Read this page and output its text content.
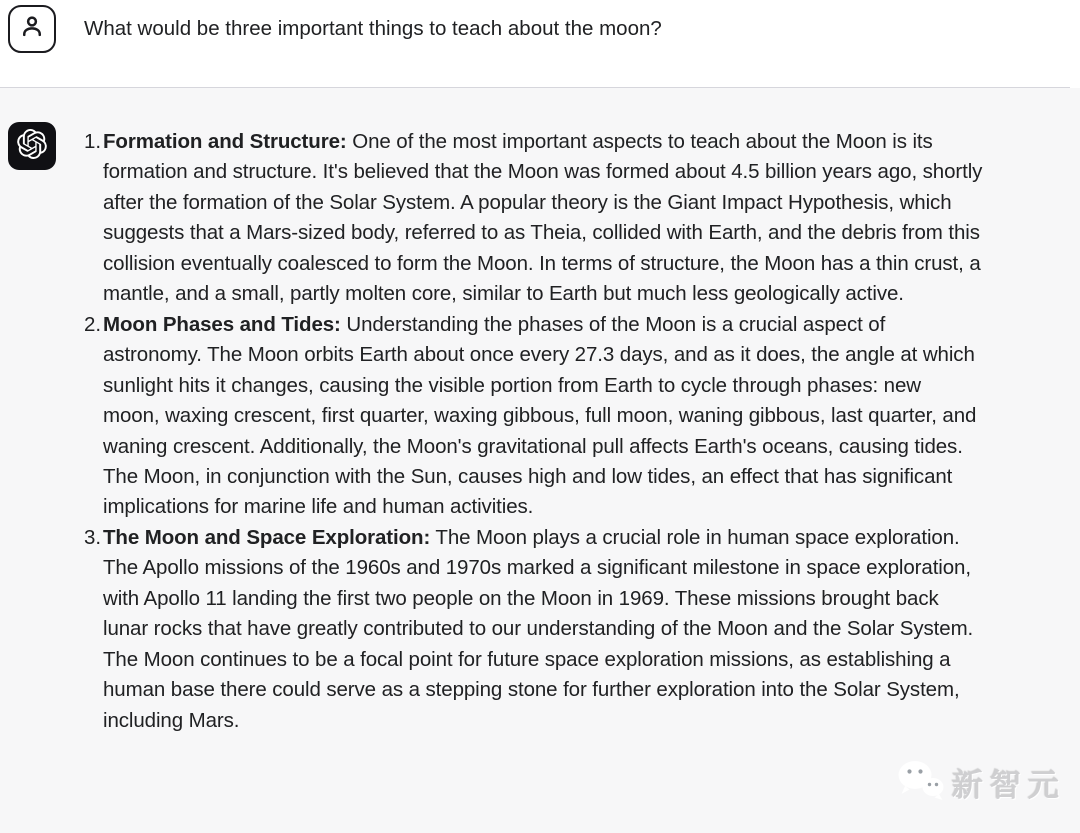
What would be three important things to teach about the moon?
1. Formation and Structure: One of the most important aspects to teach about the Moon is its formation and structure. It's believed that the Moon was formed about 4.5 billion years ago, shortly after the formation of the Solar System. A popular theory is the Giant Impact Hypothesis, which suggests that a Mars-sized body, referred to as Theia, collided with Earth, and the debris from this collision eventually coalesced to form the Moon. In terms of structure, the Moon has a thin crust, a mantle, and a small, partly molten core, similar to Earth but much less geologically active.
2. Moon Phases and Tides: Understanding the phases of the Moon is a crucial aspect of astronomy. The Moon orbits Earth about once every 27.3 days, and as it does, the angle at which sunlight hits it changes, causing the visible portion from Earth to cycle through phases: new moon, waxing crescent, first quarter, waxing gibbous, full moon, waning gibbous, last quarter, and waning crescent. Additionally, the Moon's gravitational pull affects Earth's oceans, causing tides. The Moon, in conjunction with the Sun, causes high and low tides, an effect that has significant implications for marine life and human activities.
3. The Moon and Space Exploration: The Moon plays a crucial role in human space exploration. The Apollo missions of the 1960s and 1970s marked a significant milestone in space exploration, with Apollo 11 landing the first two people on the Moon in 1969. These missions brought back lunar rocks that have greatly contributed to our understanding of the Moon and the Solar System. The Moon continues to be a focal point for future space exploration missions, as establishing a human base there could serve as a stepping stone for further exploration into the Solar System, including Mars.
新智元
